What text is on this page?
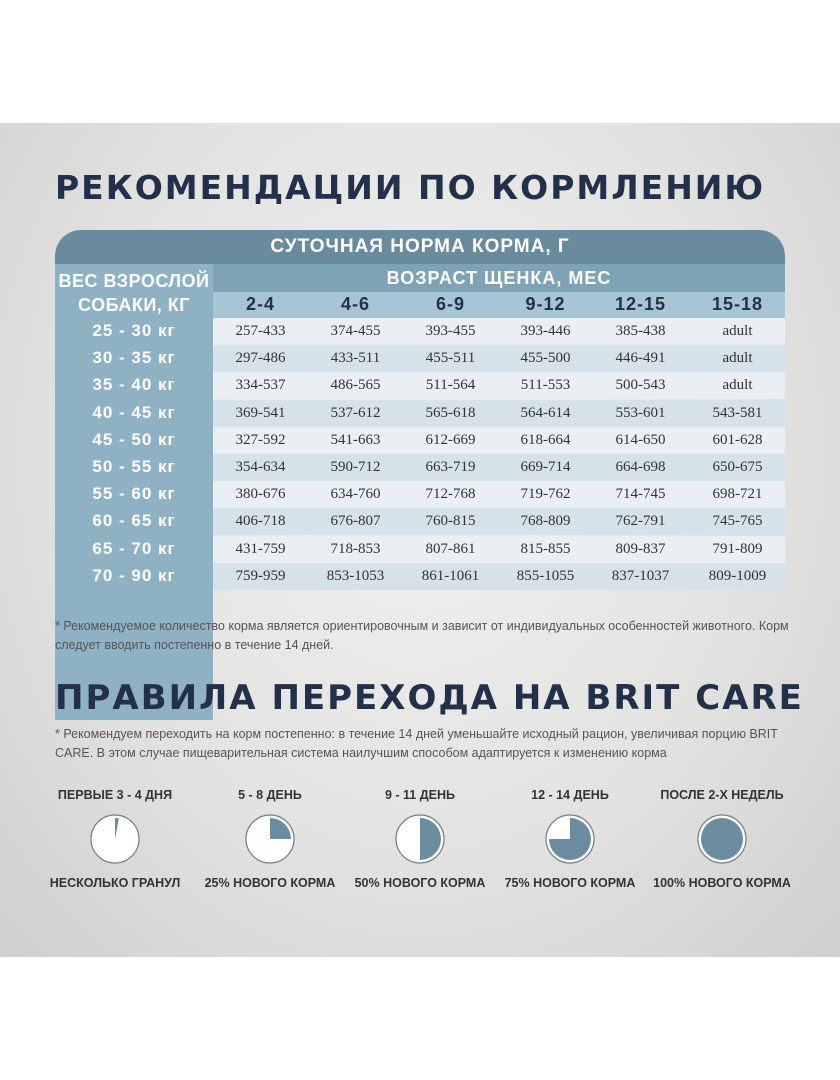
РЕКОМЕНДАЦИИ ПО КОРМЛЕНИЮ
СУТОЧНАЯ НОРМА КОРМА, Г
ВЕС ВЗРОСЛОЙ
СОБАКИ, КГ
ВОЗРАСТ ЩЕНКА, МЕС
2-4	4-6	6-9	9-12	12-15	15-18
25 - 30 кг	257-433	374-455	393-455	393-446	385-438	adult
30 - 35 кг	297-486	433-511	455-511	455-500	446-491	adult
35 - 40 кг	334-537	486-565	511-564	511-553	500-543	adult
40 - 45 кг	369-541	537-612	565-618	564-614	553-601	543-581
45 - 50 кг	327-592	541-663	612-669	618-664	614-650	601-628
50 - 55 кг	354-634	590-712	663-719	669-714	664-698	650-675
55 - 60 кг	380-676	634-760	712-768	719-762	714-745	698-721
60 - 65 кг	406-718	676-807	760-815	768-809	762-791	745-765
65 - 70 кг	431-759	718-853	807-861	815-855	809-837	791-809
70 - 90 кг	759-959	853-1053	861-1061	855-1055	837-1037	809-1009

* Рекомендуемое количество корма является ориентировочным и зависит от индивидуальных особенностей животного. Корм следует вводить постепенно в течение 14 дней.

ПРАВИЛА ПЕРЕХОДА НА BRIT CARE

* Рекомендуем переходить на корм постепенно: в течение 14 дней уменьшайте исходный рацион, увеличивая порцию BRIT CARE. В этом случае пищеварительная система наилучшим способом адаптируется к изменению корма

ПЕРВЫЕ 3 - 4 ДНЯ
НЕСКОЛЬКО ГРАНУЛ
5 - 8 ДЕНЬ
25% НОВОГО КОРМА
9 - 11 ДЕНЬ
50% НОВОГО КОРМА
12 - 14 ДЕНЬ
75% НОВОГО КОРМА
ПОСЛЕ 2-Х НЕДЕЛЬ
100% НОВОГО КОРМА
